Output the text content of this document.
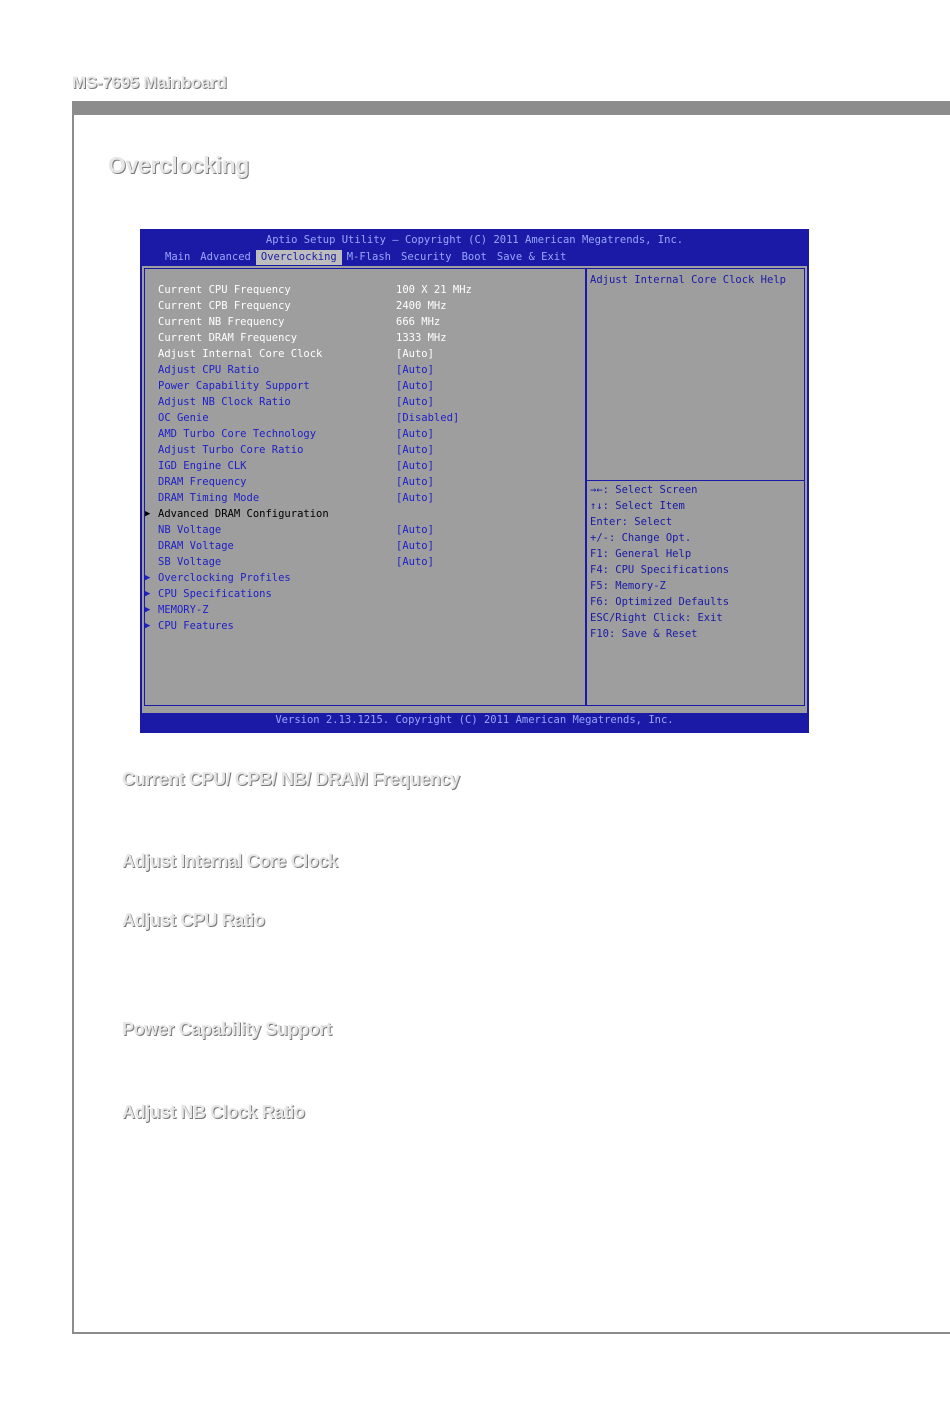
MS-7695 Mainboard
Overclocking
Aptio Setup Utility – Copyright (C) 2011 American Megatrends, Inc.
Main Advanced Overclocking M-Flash Security Boot Save & Exit
Current CPU Frequency	100 X 21 MHz
Current CPB Frequency	2400 MHz
Current NB Frequency	666 MHz
Current DRAM Frequency	1333 MHz
Adjust Internal Core Clock	[Auto]
Adjust CPU Ratio	[Auto]
Power Capability Support	[Auto]
Adjust NB Clock Ratio	[Auto]
OC Genie	[Disabled]
AMD Turbo Core Technology	[Auto]
Adjust Turbo Core Ratio	[Auto]
IGD Engine CLK	[Auto]
DRAM Frequency	[Auto]
DRAM Timing Mode	[Auto]
▶ Advanced DRAM Configuration
NB Voltage	[Auto]
DRAM Voltage	[Auto]
SB Voltage	[Auto]
▶ Overclocking Profiles
▶ CPU Specifications
▶ MEMORY-Z
▶ CPU Features
Adjust Internal Core Clock Help
→←: Select Screen
↑↓: Select Item
Enter: Select
+/-: Change Opt.
F1: General Help
F4: CPU Specifications
F5: Memory-Z
F6: Optimized Defaults
ESC/Right Click: Exit
F10: Save & Reset
Version 2.13.1215. Copyright (C) 2011 American Megatrends, Inc.
Current CPU/ CPB/ NB/ DRAM Frequency
Adjust Internal Core Clock
Adjust CPU Ratio
Power Capability Support
Adjust NB Clock Ratio
